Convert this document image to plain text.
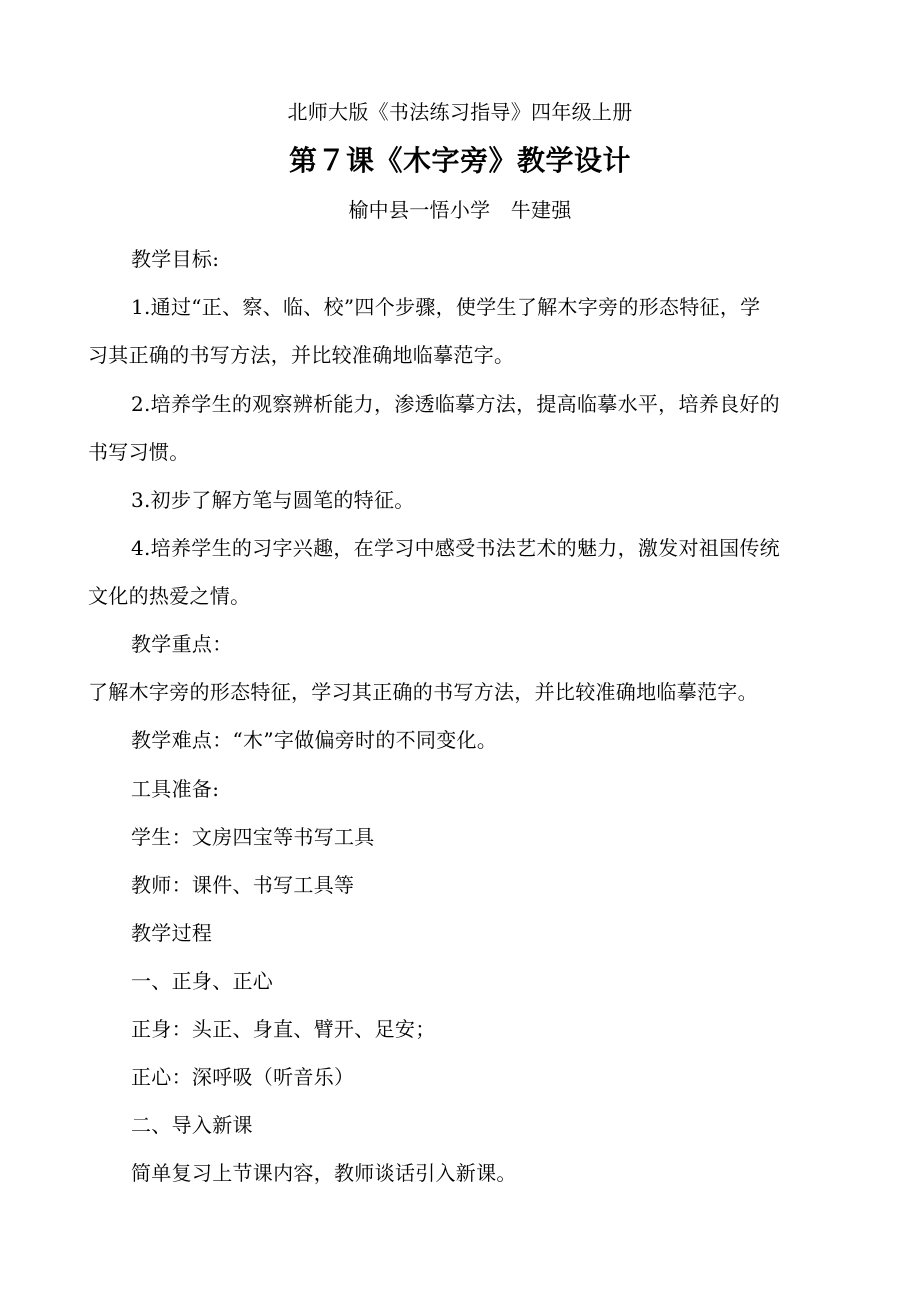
北师大版《书法练习指导》四年级上册
第７课《木字旁》教学设计
榆中县一悟小学　牛建强
教学目标:
1.通过“正、察、临、校”四个步骤，使学生了解木字旁的形态特征，学
习其正确的书写方法，并比较准确地临摹范字。
2.培养学生的观察辨析能力，渗透临摹方法，提高临摹水平，培养良好的
书写习惯。
3.初步了解方笔与圆笔的特征。
4.培养学生的习字兴趣，在学习中感受书法艺术的魅力，激发对祖国传统
文化的热爱之情。
教学重点：
了解木字旁的形态特征，学习其正确的书写方法，并比较准确地临摹范字。
教学难点：“木”字做偏旁时的不同变化。
工具准备:
学生：文房四宝等书写工具
教师：课件、书写工具等
教学过程
一、正身、正心
正身：头正、身直、臂开、足安；
正心：深呼吸（听音乐）
二、导入新课
简单复习上节课内容，教师谈话引入新课。
